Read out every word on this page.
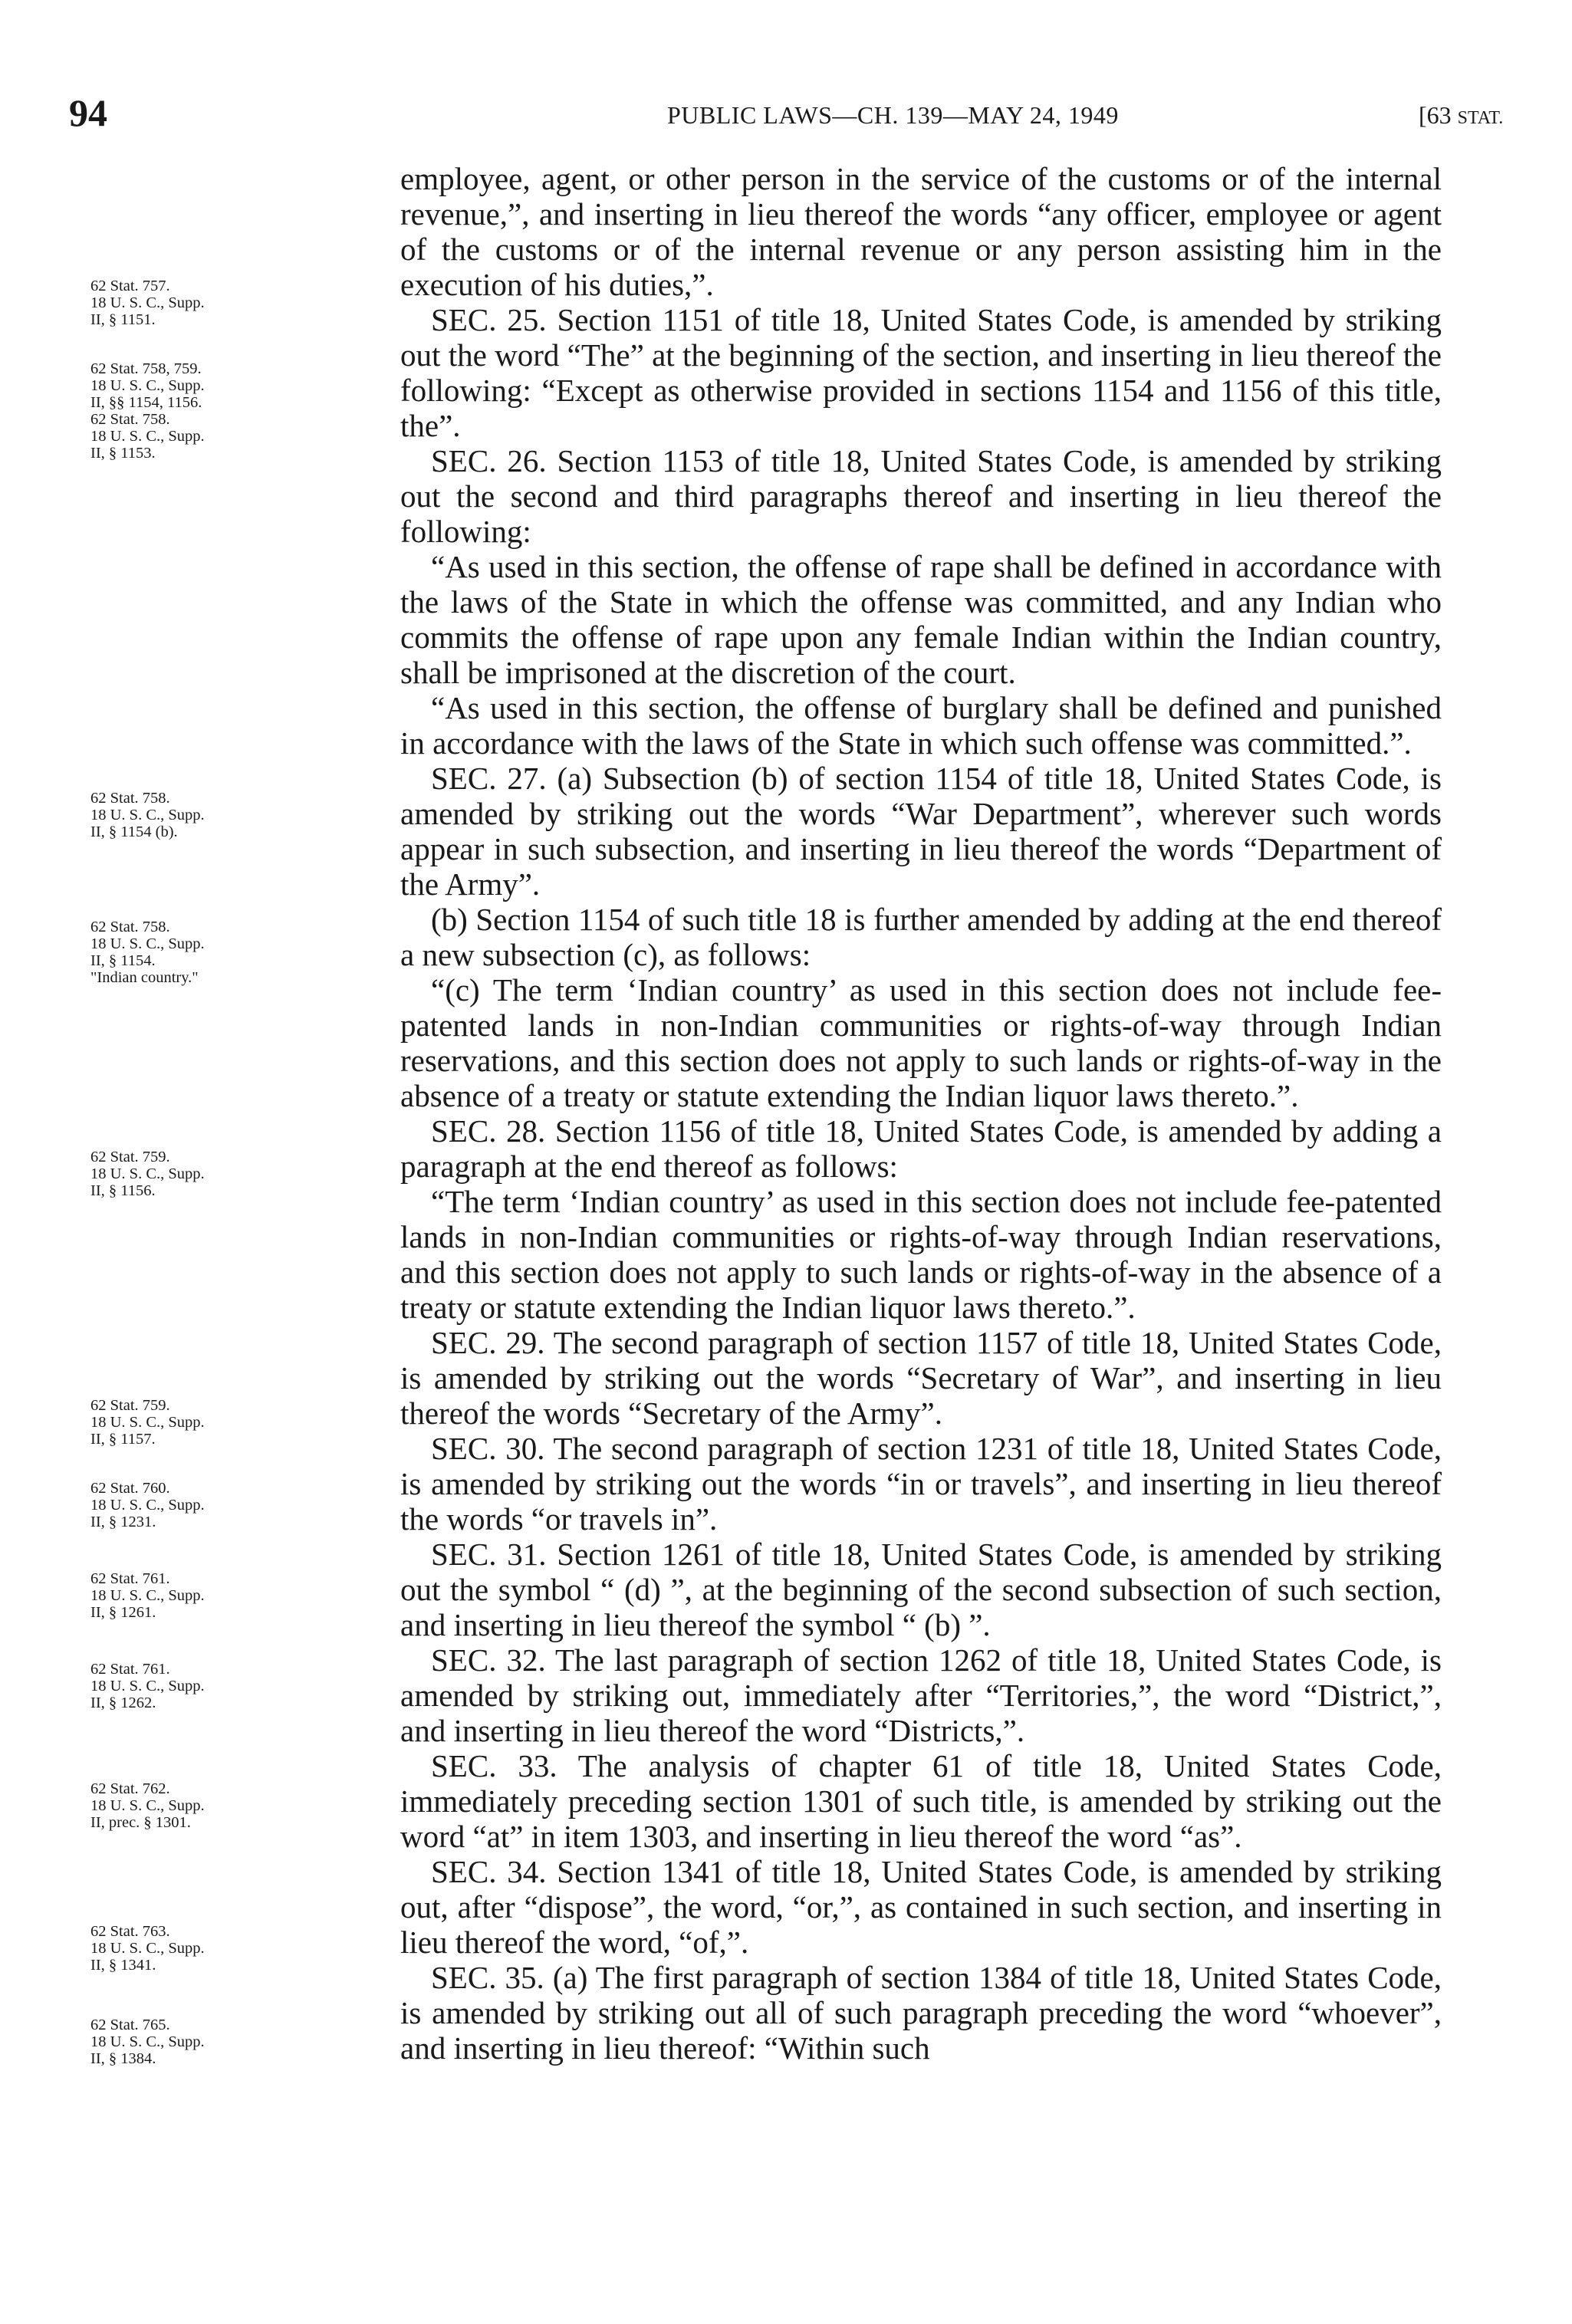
94	PUBLIC LAWS—CH. 139—MAY 24, 1949	[63 STAT.
62 Stat. 757.
18 U. S. C., Supp.
II, § 1151.
62 Stat. 758, 759.
18 U. S. C., Supp.
II, §§ 1154, 1156.
62 Stat. 758.
18 U. S. C., Supp.
II, § 1153.
62 Stat. 758.
18 U. S. C., Supp.
II, § 1154 (b).
62 Stat. 758.
18 U. S. C., Supp.
II, § 1154.
"Indian country."
62 Stat. 759.
18 U. S. C., Supp.
II, § 1156.
62 Stat. 759.
18 U. S. C., Supp.
II, § 1157.
62 Stat. 760.
18 U. S. C., Supp.
II, § 1231.
62 Stat. 761.
18 U. S. C., Supp.
II, § 1261.
62 Stat. 761.
18 U. S. C., Supp.
II, § 1262.
62 Stat. 762.
18 U. S. C., Supp.
II, prec. § 1301.
62 Stat. 763.
18 U. S. C., Supp.
II, § 1341.
62 Stat. 765.
18 U. S. C., Supp.
II, § 1384.

employee, agent, or other person in the service of the customs or of the internal revenue,”, and inserting in lieu thereof the words “any officer, employee or agent of the customs or of the internal revenue or any person assisting him in the execution of his duties,”.

SEC. 25. Section 1151 of title 18, United States Code, is amended by striking out the word “The” at the beginning of the section, and inserting in lieu thereof the following: “Except as otherwise provided in sections 1154 and 1156 of this title, the”.

SEC. 26. Section 1153 of title 18, United States Code, is amended by striking out the second and third paragraphs thereof and inserting in lieu thereof the following:

“As used in this section, the offense of rape shall be defined in accordance with the laws of the State in which the offense was committed, and any Indian who commits the offense of rape upon any female Indian within the Indian country, shall be imprisoned at the discretion of the court.

“As used in this section, the offense of burglary shall be defined and punished in accordance with the laws of the State in which such offense was committed.”.

SEC. 27. (a) Subsection (b) of section 1154 of title 18, United States Code, is amended by striking out the words “War Department”, wherever such words appear in such subsection, and inserting in lieu thereof the words “Department of the Army”.

(b) Section 1154 of such title 18 is further amended by adding at the end thereof a new subsection (c), as follows:

“(c) The term ‘Indian country’ as used in this section does not include fee-patented lands in non-Indian communities or rights-of-way through Indian reservations, and this section does not apply to such lands or rights-of-way in the absence of a treaty or statute extending the Indian liquor laws thereto.”.

SEC. 28. Section 1156 of title 18, United States Code, is amended by adding a paragraph at the end thereof as follows:

“The term ‘Indian country’ as used in this section does not include fee-patented lands in non-Indian communities or rights-of-way through Indian reservations, and this section does not apply to such lands or rights-of-way in the absence of a treaty or statute extending the Indian liquor laws thereto.”.

SEC. 29. The second paragraph of section 1157 of title 18, United States Code, is amended by striking out the words “Secretary of War”, and inserting in lieu thereof the words “Secretary of the Army”.

SEC. 30. The second paragraph of section 1231 of title 18, United States Code, is amended by striking out the words “in or travels”, and inserting in lieu thereof the words “or travels in”.

SEC. 31. Section 1261 of title 18, United States Code, is amended by striking out the symbol “ (d) ”, at the beginning of the second subsection of such section, and inserting in lieu thereof the symbol “ (b) ”.

SEC. 32. The last paragraph of section 1262 of title 18, United States Code, is amended by striking out, immediately after “Territories,”, the word “District,”, and inserting in lieu thereof the word “Districts,”.

SEC. 33. The analysis of chapter 61 of title 18, United States Code, immediately preceding section 1301 of such title, is amended by striking out the word “at” in item 1303, and inserting in lieu thereof the word “as”.

SEC. 34. Section 1341 of title 18, United States Code, is amended by striking out, after “dispose”, the word, “or,”, as contained in such section, and inserting in lieu thereof the word, “of,”.

SEC. 35. (a) The first paragraph of section 1384 of title 18, United States Code, is amended by striking out all of such paragraph preceding the word “whoever”, and inserting in lieu thereof: “Within such
